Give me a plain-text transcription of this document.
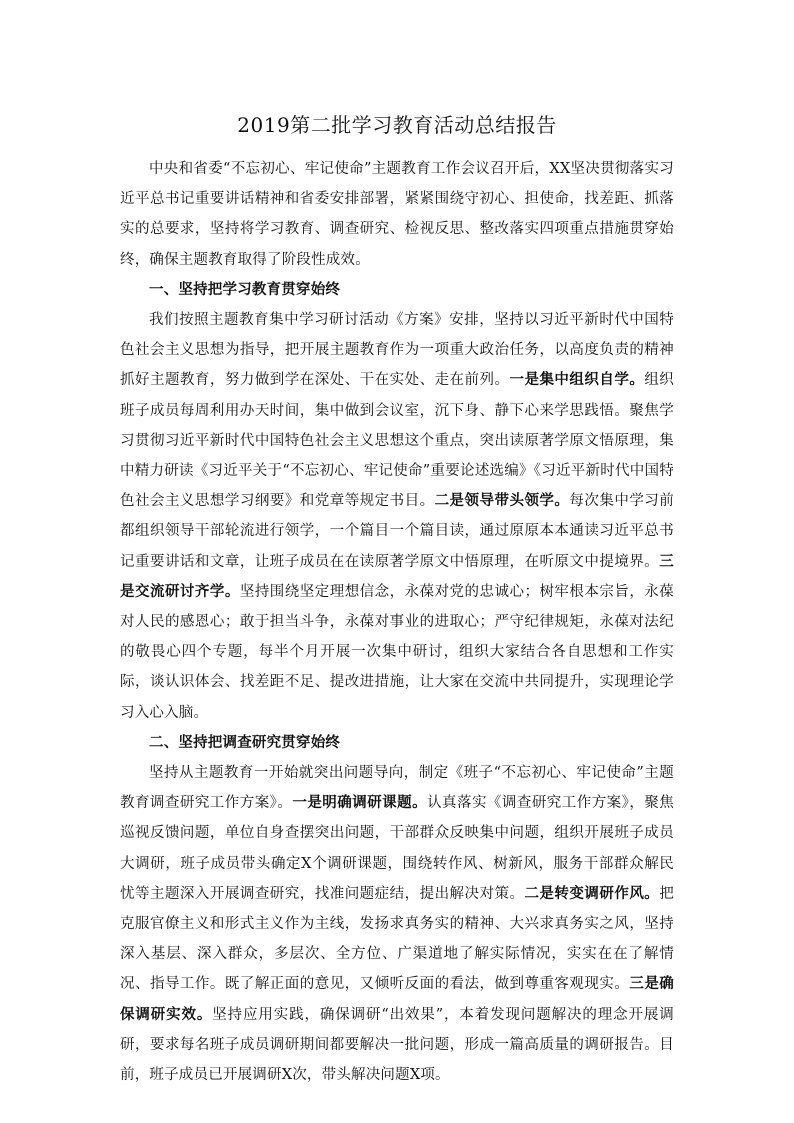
2019第二批学习教育活动总结报告

中央和省委“不忘初心、牢记使命”主题教育工作会议召开后，XX坚决贯彻落实习近平总书记重要讲话精神和省委安排部署，紧紧围绕守初心、担使命，找差距、抓落实的总要求，坚持将学习教育、调查研究、检视反思、整改落实四项重点措施贯穿始终，确保主题教育取得了阶段性成效。

一、坚持把学习教育贯穿始终

我们按照主题教育集中学习研讨活动《方案》安排，坚持以习近平新时代中国特色社会主义思想为指导，把开展主题教育作为一项重大政治任务，以高度负责的精神抓好主题教育，努力做到学在深处、干在实处、走在前列。一是集中组织自学。组织班子成员每周利用办天时间，集中做到会议室，沉下身、静下心来学思践悟。聚焦学习贯彻习近平新时代中国特色社会主义思想这个重点，突出读原著学原文悟原理，集中精力研读《习近平关于“不忘初心、牢记使命”重要论述选编》《习近平新时代中国特色社会主义思想学习纲要》和党章等规定书目。二是领导带头领学。每次集中学习前都组织领导干部轮流进行领学，一个篇目一个篇目读，通过原原本本通读习近平总书记重要讲话和文章，让班子成员在在读原著学原文中悟原理，在听原文中提境界。三是交流研讨齐学。坚持围绕坚定理想信念，永葆对党的忠诚心；树牢根本宗旨，永葆对人民的感恩心；敢于担当斗争，永葆对事业的进取心；严守纪律规矩，永葆对法纪的敬畏心四个专题，每半个月开展一次集中研讨，组织大家结合各自思想和工作实际，谈认识体会、找差距不足、提改进措施，让大家在交流中共同提升，实现理论学习入心入脑。

二、坚持把调查研究贯穿始终

坚持从主题教育一开始就突出问题导向，制定《班子“不忘初心、牢记使命”主题教育调查研究工作方案》。一是明确调研课题。认真落实《调查研究工作方案》，聚焦巡视反馈问题，单位自身查摆突出问题，干部群众反映集中问题，组织开展班子成员大调研，班子成员带头确定X个调研课题，围绕转作风、树新风，服务干部群众解民忧等主题深入开展调查研究，找准问题症结，提出解决对策。二是转变调研作风。把克服官僚主义和形式主义作为主线，发扬求真务实的精神、大兴求真务实之风，坚持深入基层、深入群众，多层次、全方位、广渠道地了解实际情况，实实在在了解情况、指导工作。既了解正面的意见，又倾听反面的看法，做到尊重客观现实。三是确保调研实效。坚持应用实践，确保调研“出效果”，本着发现问题解决的理念开展调研，要求每名班子成员调研期间都要解决一批问题，形成一篇高质量的调研报告。目前，班子成员已开展调研X次，带头解决问题X项。
